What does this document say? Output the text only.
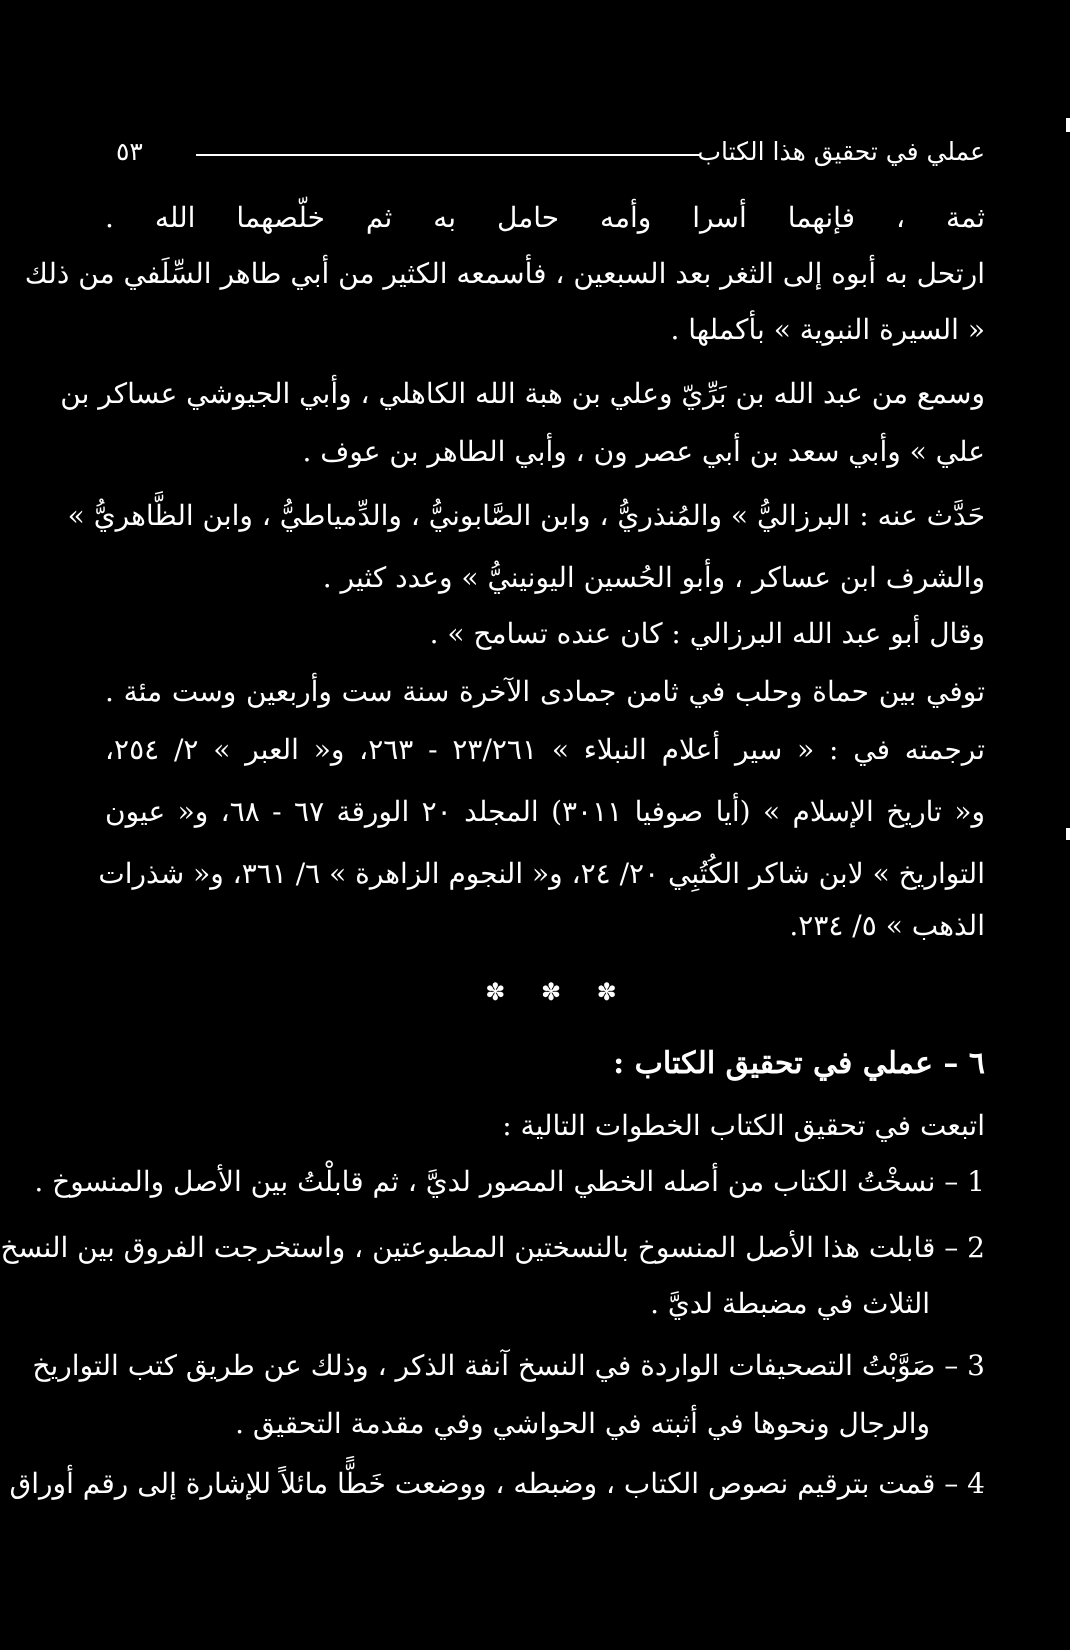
عملي في تحقيق هذا الكتاب
٥٣
ثمة ، فإنهما أسرا وأمه حامل به ثم خلّصهما الله .
ارتحل به أبوه إلى الثغر بعد السبعين ، فأسمعه الكثير من أبي طاهر السِّلَفي من ذلك
« السيرة النبوية » بأكملها .
وسمع من عبد الله بن بَرِّيّ وعلي بن هبة الله الكاهلي ، وأبي الجيوشي عساكر بن
علي » وأبي سعد بن أبي عصر ون ، وأبي الطاهر بن عوف .
حَدَّث عنه : البرزاليُّ » والمُنذريُّ ، وابن الصَّابونيُّ ، والدِّمياطيُّ ، وابن الظَّاهريُّ »
والشرف ابن عساكر ، وأبو الحُسين اليونينيُّ » وعدد كثير .
وقال أبو عبد الله البرزالي : كان عنده تسامح » .
توفي بين حماة وحلب في ثامن جمادى الآخرة سنة ست وأربعين وست مئة .
ترجمته في : « سير أعلام النبلاء » ٢٣/٢٦١ - ٢٦٣، و« العبر » ٢/ ٢٥٤،
و« تاريخ الإسلام » (أيا صوفيا ٣٠١١) المجلد ٢٠ الورقة ٦٧ - ٦٨، و« عيون
التواريخ » لابن شاكر الكُتُبِي ٢٠/ ٢٤، و« النجوم الزاهرة » ٦/ ٣٦١، و« شذرات
الذهب » ٥/ ٢٣٤.
✽ ✽ ✽
٦ – عملي في تحقيق الكتاب :
اتبعت في تحقيق الكتاب الخطوات التالية :
1 – نسخْتُ الكتاب من أصله الخطي المصور لديَّ ، ثم قابلْتُ بين الأصل والمنسوخ .
2 – قابلت هذا الأصل المنسوخ بالنسختين المطبوعتين ، واستخرجت الفروق بين النسخ
الثلاث في مضبطة لديَّ .
3 – صَوَّبْتُ التصحيفات الواردة في النسخ آنفة الذكر ، وذلك عن طريق كتب التواريخ
والرجال ونحوها في أثبته في الحواشي وفي مقدمة التحقيق .
4 – قمت بترقيم نصوص الكتاب ، وضبطه ، ووضعت خَطًّا مائلاً للإشارة إلى رقم أوراق
